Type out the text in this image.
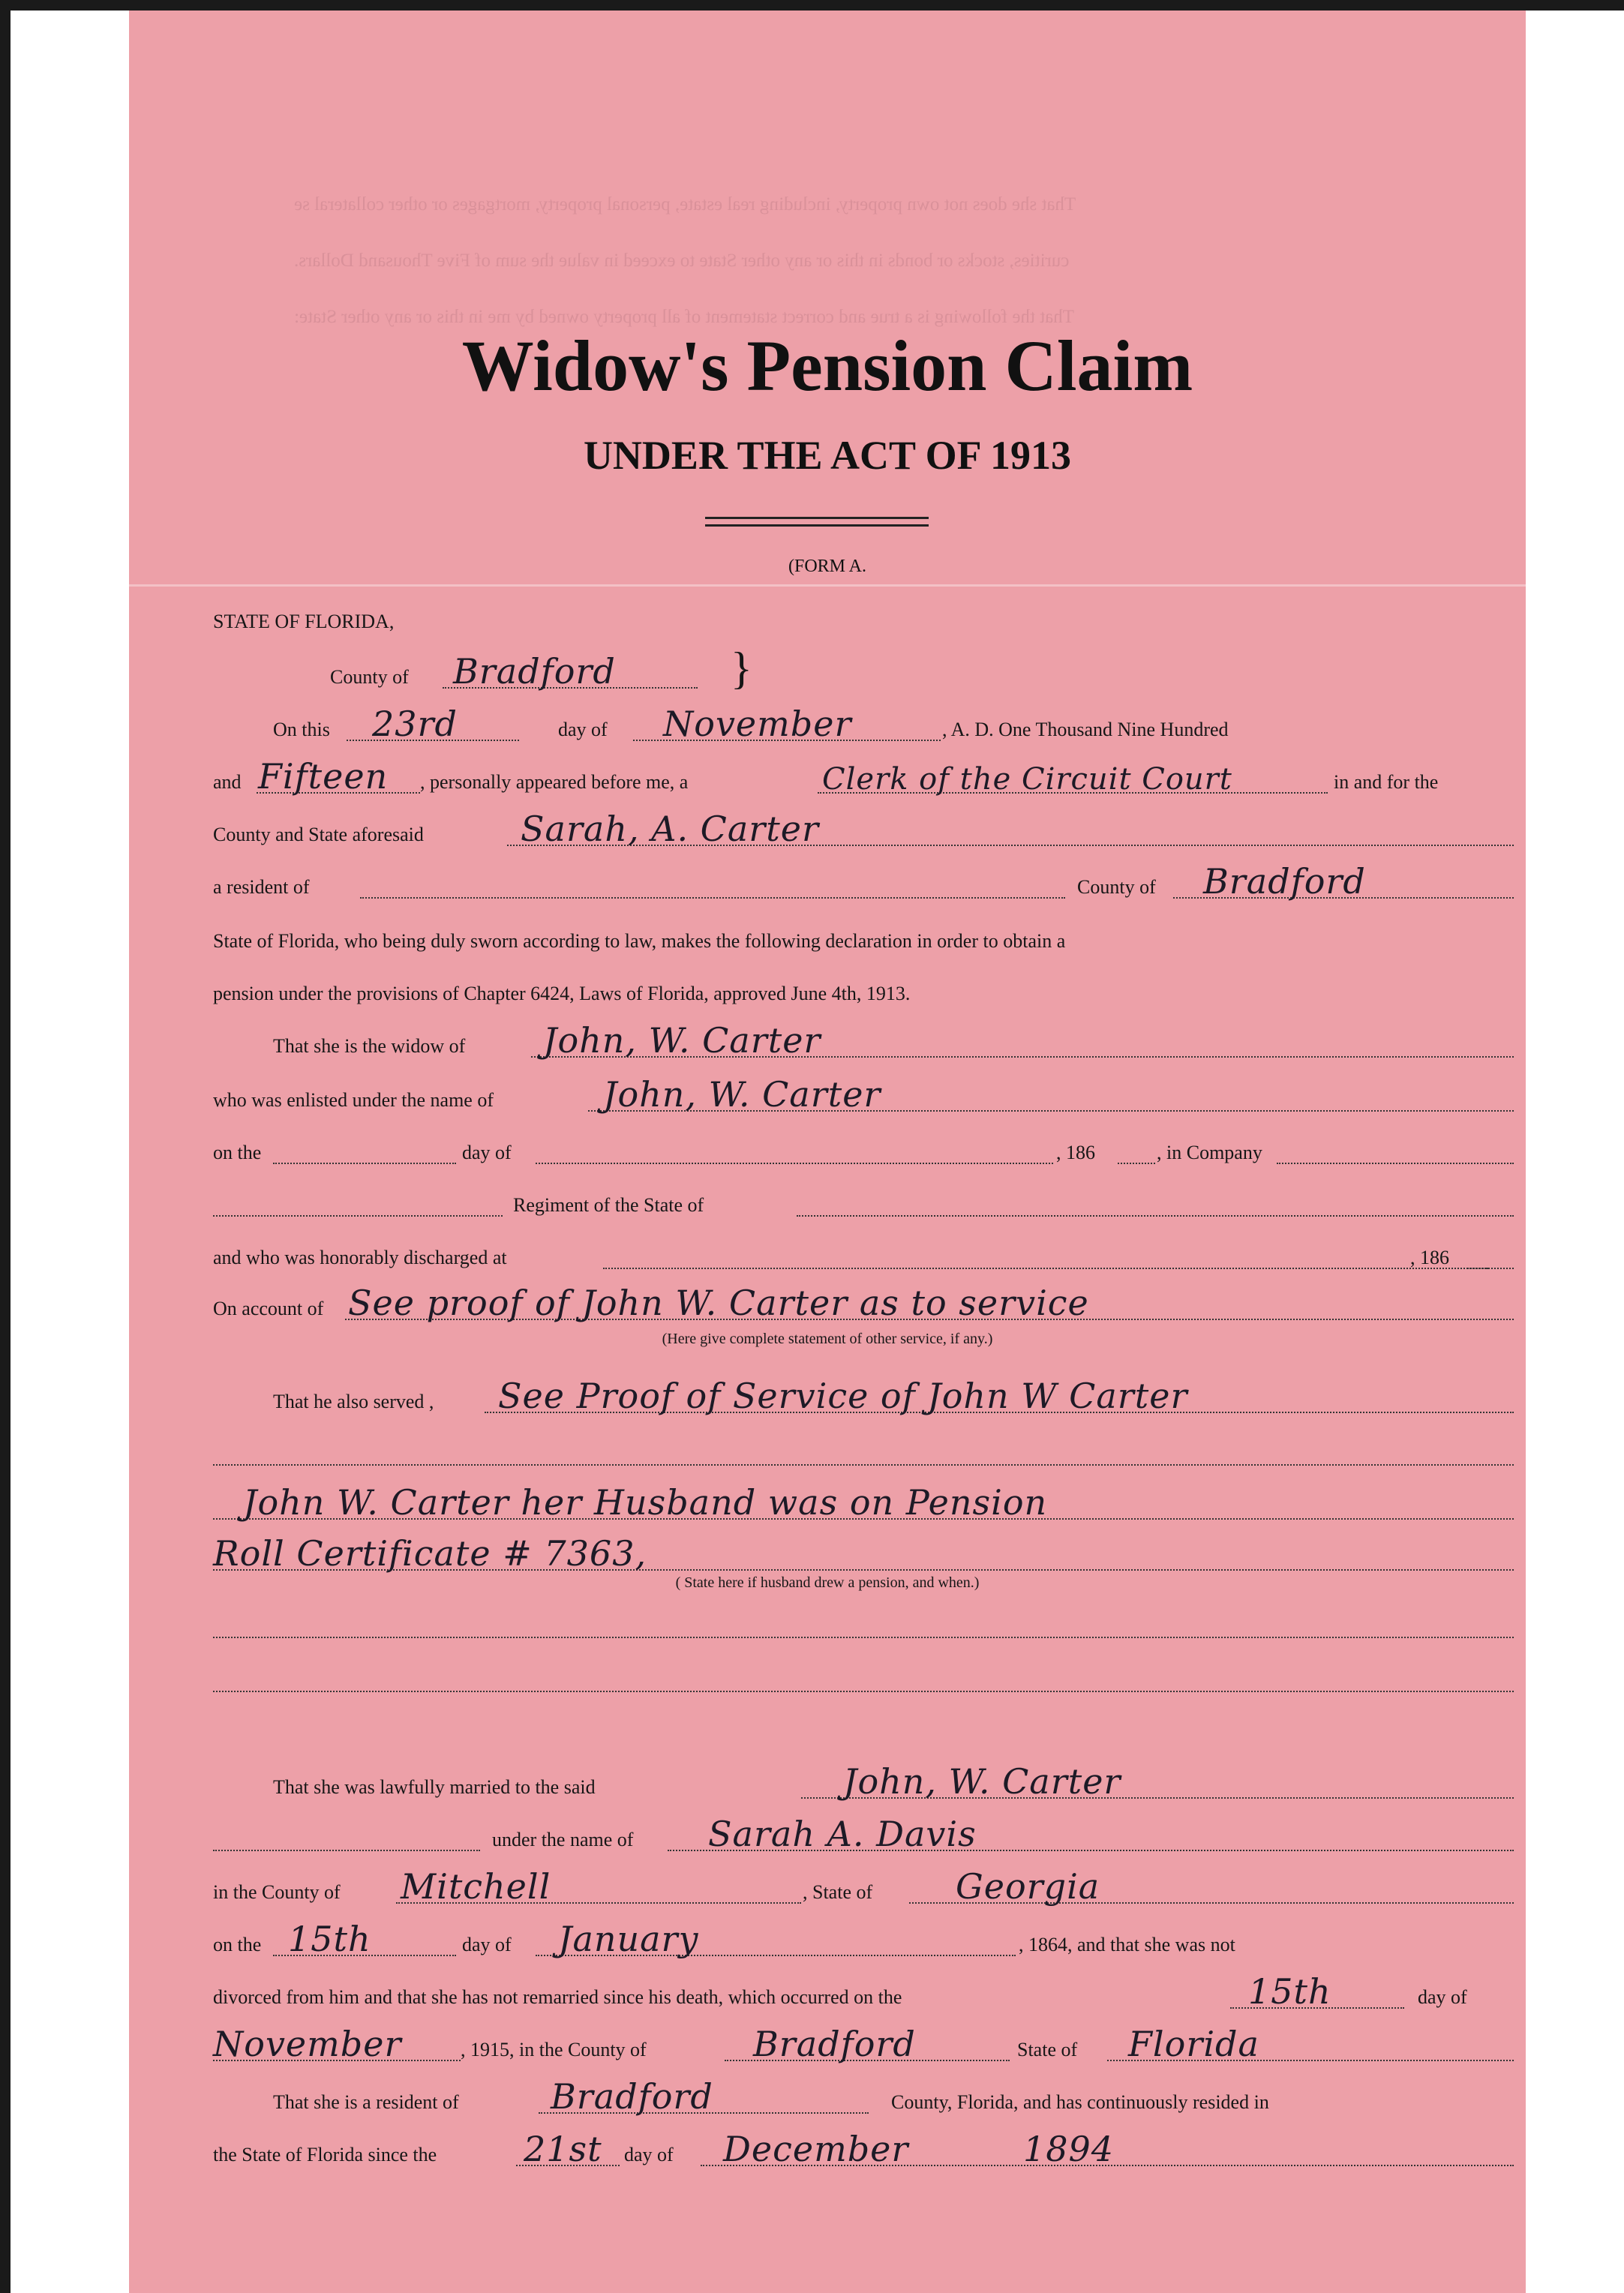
That she does not own property, including real estate, personal property, mortgages or other collateral se
curities, stocks or bonds in this or any other State to exceed in value the sum of Five Thousand Dollars.
That the following is a true and correct statement of all property owned by me in this or any other State:
Widow's Pension Claim
UNDER THE ACT OF 1913
(FORM A.
STATE OF FLORIDA,
County of Bradford	}
On this 23rd	day of November	, A. D. One Thousand Nine Hundred
and Fifteen , personally appeared before me, a	Clerk of the Circuit Court	in and for the
County and State aforesaid	Sarah, A. Carter
a resident of	County of Bradford
State of Florida, who being duly sworn according to law, makes the following declaration in order to obtain a
pension under the provisions of Chapter 6424, Laws of Florida, approved June 4th, 1913.
That she is the widow of John, W. Carter
who was enlisted under the name of	John, W. Carter
on the	day of	, 186	, in Company
Regiment of the State of
and who was honorably discharged at	, 186
On account of See proof of John W. Carter as to service
(Here give complete statement of other service, if any.)
That he also served , See Proof of Service of John W Carter
John W. Carter her Husband was on Pension
Roll Certificate # 7363,
( State here if husband drew a pension, and when.)
That she was lawfully married to the said	John, W. Carter
under the name of Sarah A. Davis
in the County of Mitchell	, State of Georgia
on the 15th	day of January	, 1864, and that she was not
divorced from him and that she has not remarried since his death, which occurred on the	15th	day of
November	, 1915, in the County of	Bradford	State of Florida
That she is a resident of	Bradford	County, Florida, and has continuously resided in
the State of Florida since the	21st day of December	1894
